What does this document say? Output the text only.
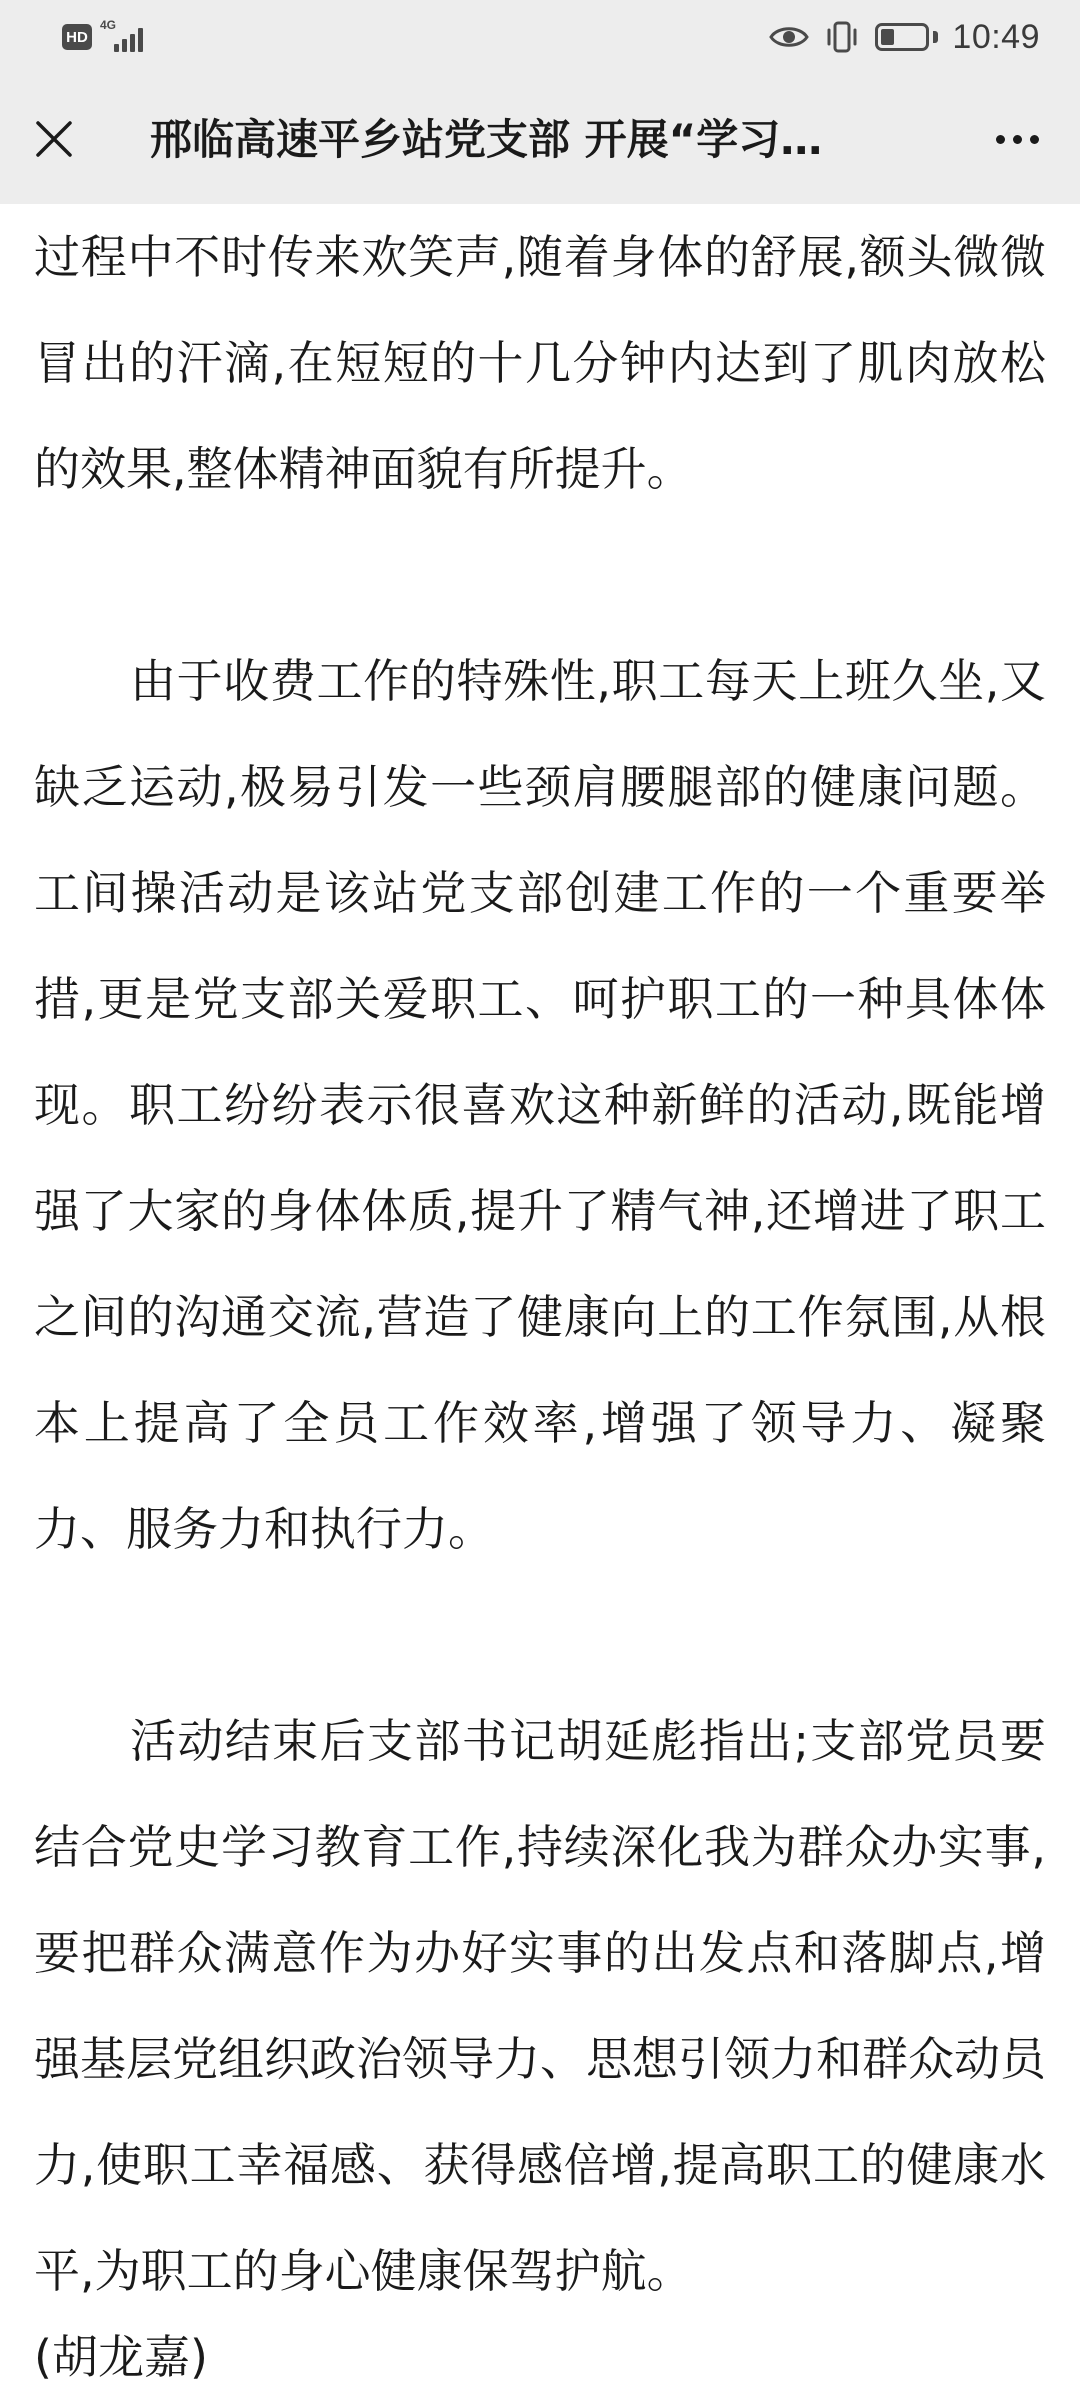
HD
4G	10:49
邢临高速平乡站党支部 开展“学习…

过程中不时传来欢笑声,随着身体的舒展,额头微微冒出的汗滴,在短短的十几分钟内达到了肌肉放松的效果,整体精神面貌有所提升。

由于收费工作的特殊性,职工每天上班久坐,又缺乏运动,极易引发一些颈肩腰腿部的健康问题。工间操活动是该站党支部创建工作的一个重要举措,更是党支部关爱职工、呵护职工的一种具体体现。职工纷纷表示很喜欢这种新鲜的活动,既能增强了大家的身体体质,提升了精气神,还增进了职工之间的沟通交流,营造了健康向上的工作氛围,从根本上提高了全员工作效率,增强了领导力、凝聚力、服务力和执行力。

活动结束后支部书记胡延彪指出;支部党员要结合党史学习教育工作,持续深化我为群众办实事,要把群众满意作为办好实事的出发点和落脚点,增强基层党组织政治领导力、思想引领力和群众动员力,使职工幸福感、获得感倍增,提高职工的健康水平,为职工的身心健康保驾护航。

(胡龙嘉)
